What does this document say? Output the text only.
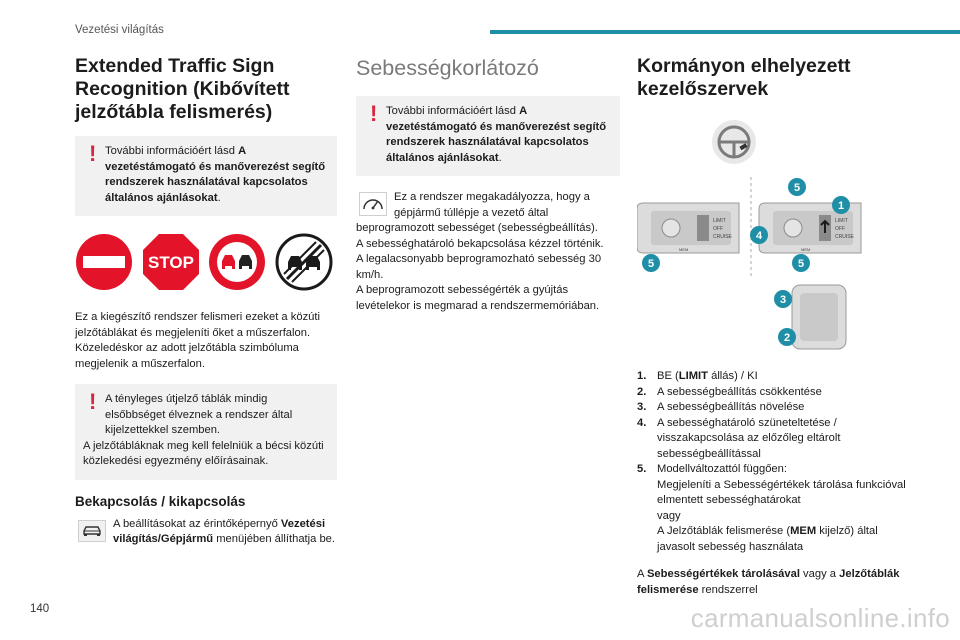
Vezetési világítás
Extended Traffic Sign Recognition (Kibővített jelzőtábla felismerés)
! További információért lásd A
vezetéstámogató és manőverezést segítő rendszerek használatával kapcsolatos általános ajánlásokat.
STOP
Ez a kiegészítő rendszer felismeri ezeket a közúti jelzőtáblákat és megjeleníti őket a műszerfalon.
Közeledéskor az adott jelzőtábla szimbóluma megjelenik a műszerfalon.
! A tényleges útjelző táblák mindig
elsőbbséget élveznek a rendszer által kijelzettekkel szemben.
A jelzőtábláknak meg kell felelniük a bécsi közúti közlekedési egyezmény előírásainak.
Bekapcsolás / kikapcsolás
A beállításokat az érintőképernyő Vezetési világítás/Gépjármű menüjében állíthatja be.
Sebességkorlátozó
! További információért lásd A
vezetéstámogató és manőverezést segítő rendszerek használatával kapcsolatos általános ajánlásokat.
Ez a rendszer megakadályozza, hogy a gépjármű túllépje a vezető által beprogramozott sebességet (sebességbeállítás).
A sebességhatároló bekapcsolása kézzel történik.
A legalacsonyabb beprogramozható sebesség 30 km/h.
A beprogramozott sebességérték a gyújtás levételekor is megmarad a rendszermemóriában.
Kormányon elhelyezett kezelőszervek
LIMIT
OFF
CRUISE
MEM
LIMIT
OFF
CRUISE
MEM
1
5
4
5	5
3
2
1. BE (LIMIT állás) / KI
2. A sebességbeállítás csökkentése
3. A sebességbeállítás növelése
4. A sebességhatároló szüneteltetése / visszakapcsolása az előzőleg eltárolt sebességbeállítással
5. Modellváltozattól függően:
Megjeleníti a Sebességértékek tárolása funkcióval elmentett sebességhatárokat
vagy
A Jelzőtáblák felismerése (MEM kijelző) által javasolt sebesség használata
A Sebességértékek tárolásával vagy a Jelzőtáblák felismerése rendszerrel
140	carmanualsonline.info
